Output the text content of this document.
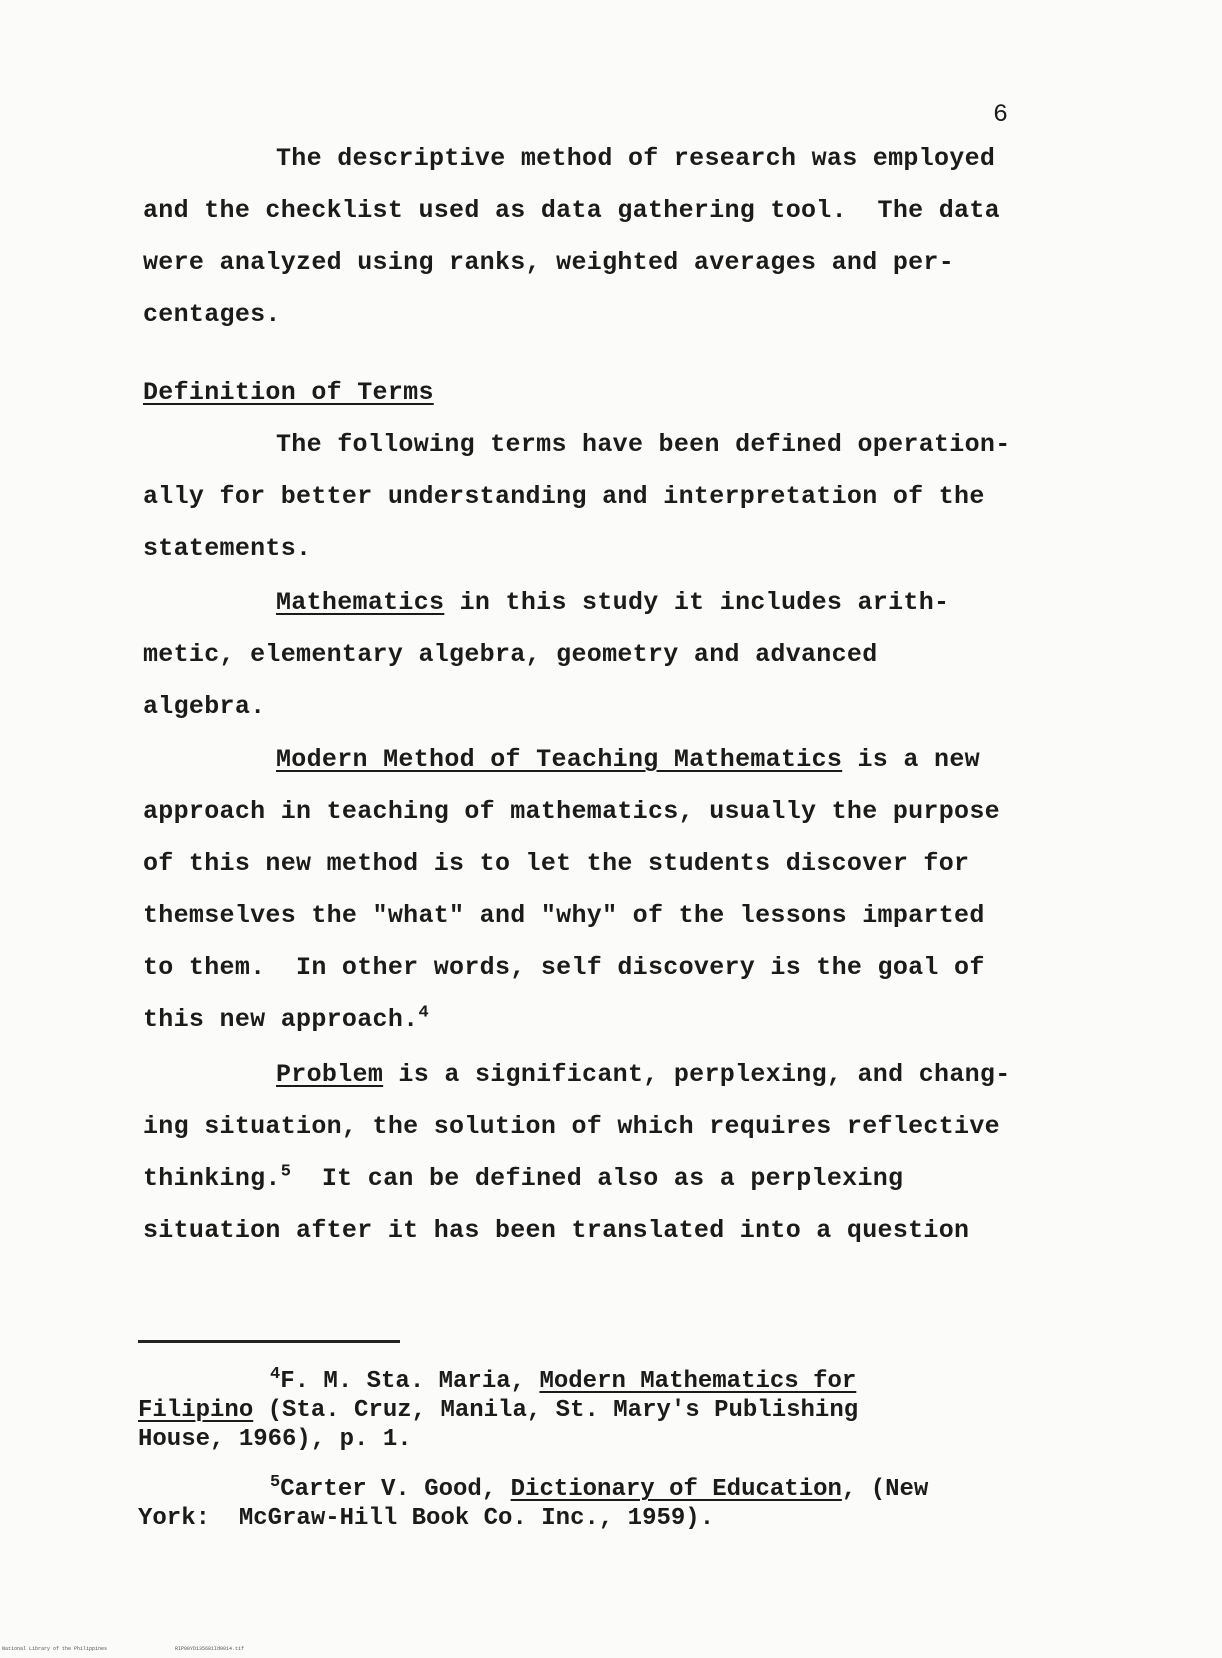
6
The descriptive method of research was employed
and the checklist used as data gathering tool.  The data
were analyzed using ranks, weighted averages and per-
centages.
Definition of Terms
The following terms have been defined operation-
ally for better understanding and interpretation of the
statements.
Mathematics in this study it includes arith-
metic, elementary algebra, geometry and advanced
algebra.
Modern Method of Teaching Mathematics is a new
approach in teaching of mathematics, usually the purpose
of this new method is to let the students discover for
themselves the "what" and "why" of the lessons imparted
to them.  In other words, self discovery is the goal of
this new approach.$^4$
Problem is a significant, perplexing, and chang-
ing situation, the solution of which requires reflective
thinking.$^5$  It can be defined also as a perplexing
situation after it has been translated into a question
$^4$F. M. Sta. Maria, Modern Mathematics for
Filipino (Sta. Cruz, Manila, St. Mary's Publishing
House, 1966), p. 1.
$^5$Carter V. Good, Dictionary of Education, (New
York:  McGraw-Hill Book Co. Inc., 1959).
National Library of the Philippines	RIP00YD135681Id0014.tif
